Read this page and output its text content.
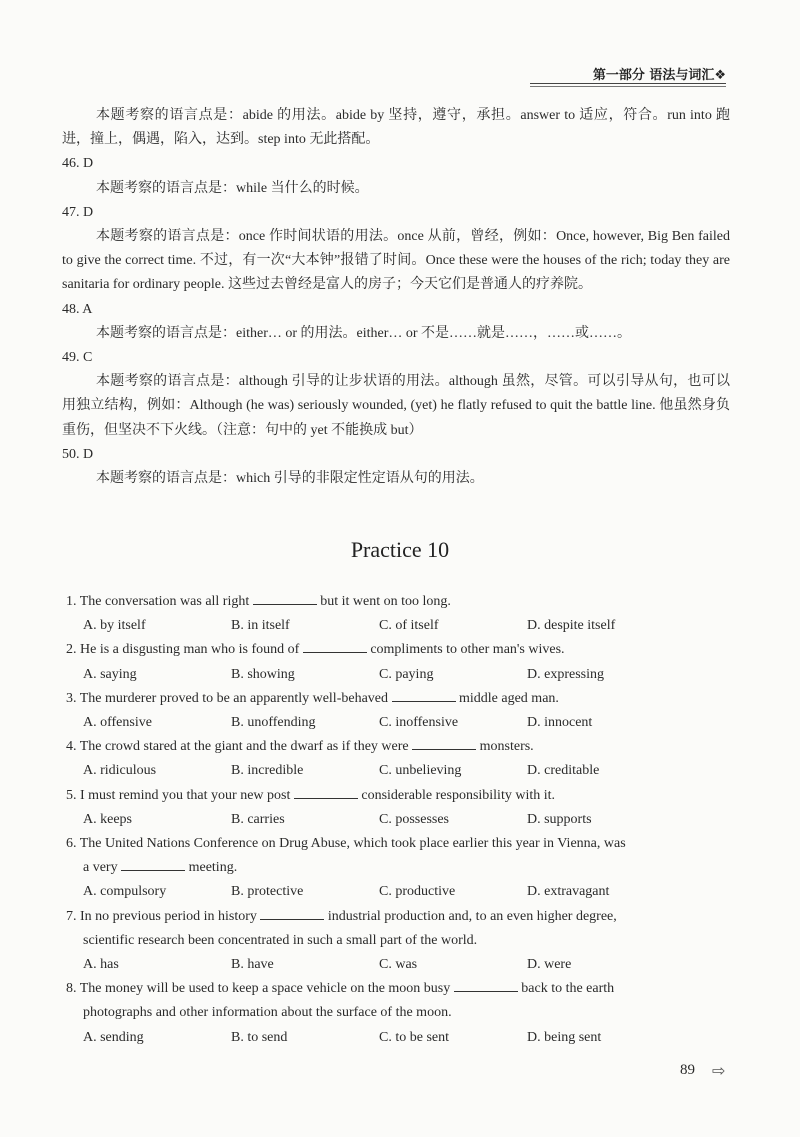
第一部分 语法与词汇❖

本题考察的语言点是：abide 的用法。abide by 坚持，遵守，承担。answer to 适应，符合。run into 跑进，撞上，偶遇，陷入，达到。step into 无此搭配。

46. D

本题考察的语言点是：while 当什么的时候。

47. D

本题考察的语言点是：once 作时间状语的用法。once 从前，曾经，例如：Once, however, Big Ben failed to give the correct time. 不过，有一次“大本钟”报错了时间。Once these were the houses of the rich; today they are sanitaria for ordinary people. 这些过去曾经是富人的房子；今天它们是普通人的疗养院。

48. A

本题考察的语言点是：either… or 的用法。either… or 不是……就是……，……或……。

49. C

本题考察的语言点是：although 引导的让步状语的用法。although 虽然，尽管。可以引导从句，也可以用独立结构，例如：Although (he was) seriously wounded, (yet) he flatly refused to quit the battle line. 他虽然身负重伤，但坚决不下火线。（注意：句中的 yet 不能换成 but）

50. D

本题考察的语言点是：which 引导的非限定性定语从句的用法。

Practice 10
1. The conversation was all right	but it went on too long.
A. by itself	B. in itself	C. of itself	D. despite itself
2. He is a disgusting man who is found of	compliments to other man's wives.
A. saying	B. showing	C. paying	D. expressing
3. The murderer proved to be an apparently well-behaved	middle aged man.
A. offensive	B. unoffending	C. inoffensive	D. innocent
4. The crowd stared at the giant and the dwarf as if they were	monsters.
A. ridiculous	B. incredible	C. unbelieving	D. creditable
5. I must remind you that your new post	considerable responsibility with it.
A. keeps	B. carries	C. possesses	D. supports
6. The United Nations Conference on Drug Abuse, which took place earlier this year in Vienna, was
a very	meeting.
A. compulsory	B. protective	C. productive	D. extravagant
7. In no previous period in history	industrial production and, to an even higher degree,
scientific research been concentrated in such a small part of the world.
A. has	B. have	C. was	D. were
8. The money will be used to keep a space vehicle on the moon busy	back to the earth
photographs and other information about the surface of the moon.
A. sending	B. to send	C. to be sent	D. being sent
89 ⇨
